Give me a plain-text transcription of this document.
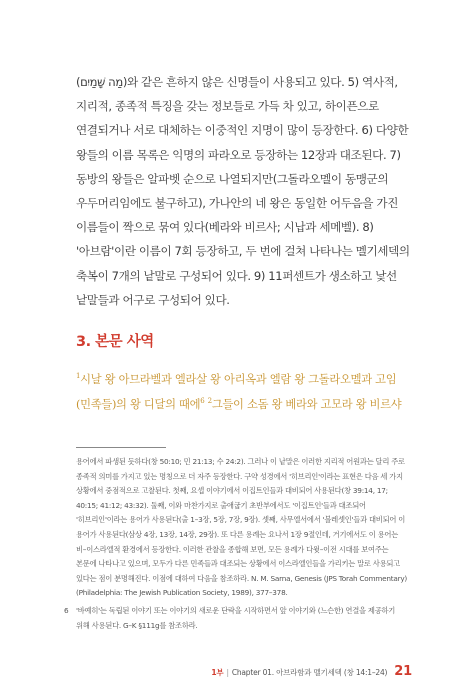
(מַה שָּׁמַיִם)와 같은 흔하지 않은 신명들이 사용되고 있다. 5) 역사적, 지리적, 종족적 특징을 갖는 정보들로 가득 차 있고, 하이픈으로 연결되거나 서로 대체하는 이중적인 지명이 많이 등장한다. 6) 다양한 왕들의 이름 목록은 익명의 파라오로 등장하는 12장과 대조된다. 7) 동방의 왕들은 알파벳 순으로 나열되지만(그돌라오멜이 동맹군의 우두머리임에도 불구하고), 가나안의 네 왕은 동일한 어두음을 가진 이름들이 짝으로 묶여 있다(베라와 비르사; 시납과 세메벨). 8) '아브람'이란 이름이 7회 등장하고, 두 번에 걸쳐 나타나는 멜기세덱의 축복이 7개의 낱말로 구성되어 있다. 9) 11퍼센트가 생소하고 낯선 낱말들과 어구로 구성되어 있다.

3. 본문 사역
$^1$시날 왕 아므라벨과 엘라살 왕 아리옥과 엘람 왕 그돌라오멜과 고임(민족들)의 왕 디달의 때에$^6$ $^2$그들이 소돔 왕 베라와 고모라 왕 비르샤

용어에서 파생된 듯하다(창 50:10; 민 21:13; 수 24:2). 그러나 이 낱말은 이러한 지리적 어원과는 달리 주로 종족적 의미를 가지고 있는 명칭으로 더 자주 등장한다. 구약 성경에서 '히브리인'이라는 표현은 다음 세 가지 상황에서 중점적으로 고찰된다. 첫째, 요셉 이야기에서 이집트인들과 대비되어 사용된다(창 39:14, 17; 40:15; 41:12; 43:32). 둘째, 이와 마찬가지로 출애굽기 초반부에서도 '이집트인'들과 대조되어 '히브리인'이라는 용어가 사용된다(출 1–3장, 5장, 7장, 9장). 셋째, 사무엘서에서 '블레셋인'들과 대비되어 이 용어가 사용된다(삼상 4장, 13장, 14장, 29장). 또 다른 용례는 요나서 1장 9절인데, 거기에서도 이 용어는 비–이스라엘적 환경에서 등장한다. 이러한 관찰을 종합해 보면, 모든 용례가 다윗–이전 시대를 보여주는 본문에 나타나고 있으며, 모두가 다른 민족들과 대조되는 상황에서 이스라엘인들을 가리키는 말로 사용되고 있다는 점이 분명해진다. 이점에 대하여 다음을 참조하라. N. M. Sarna, Genesis (JPS Torah Commentary) (Philadelphia: The Jewish Publication Society, 1989), 377–378.

6 '바예히'는 독립된 이야기 또는 이야기의 새로운 단락을 시작하면서 앞 이야기와 (느슨한) 연결을 제공하기 위해 사용된다. G–K §111g를 참조하라.

1부 | Chapter 01. 아브라함과 멜기세덱 (창 14:1–24) 21
